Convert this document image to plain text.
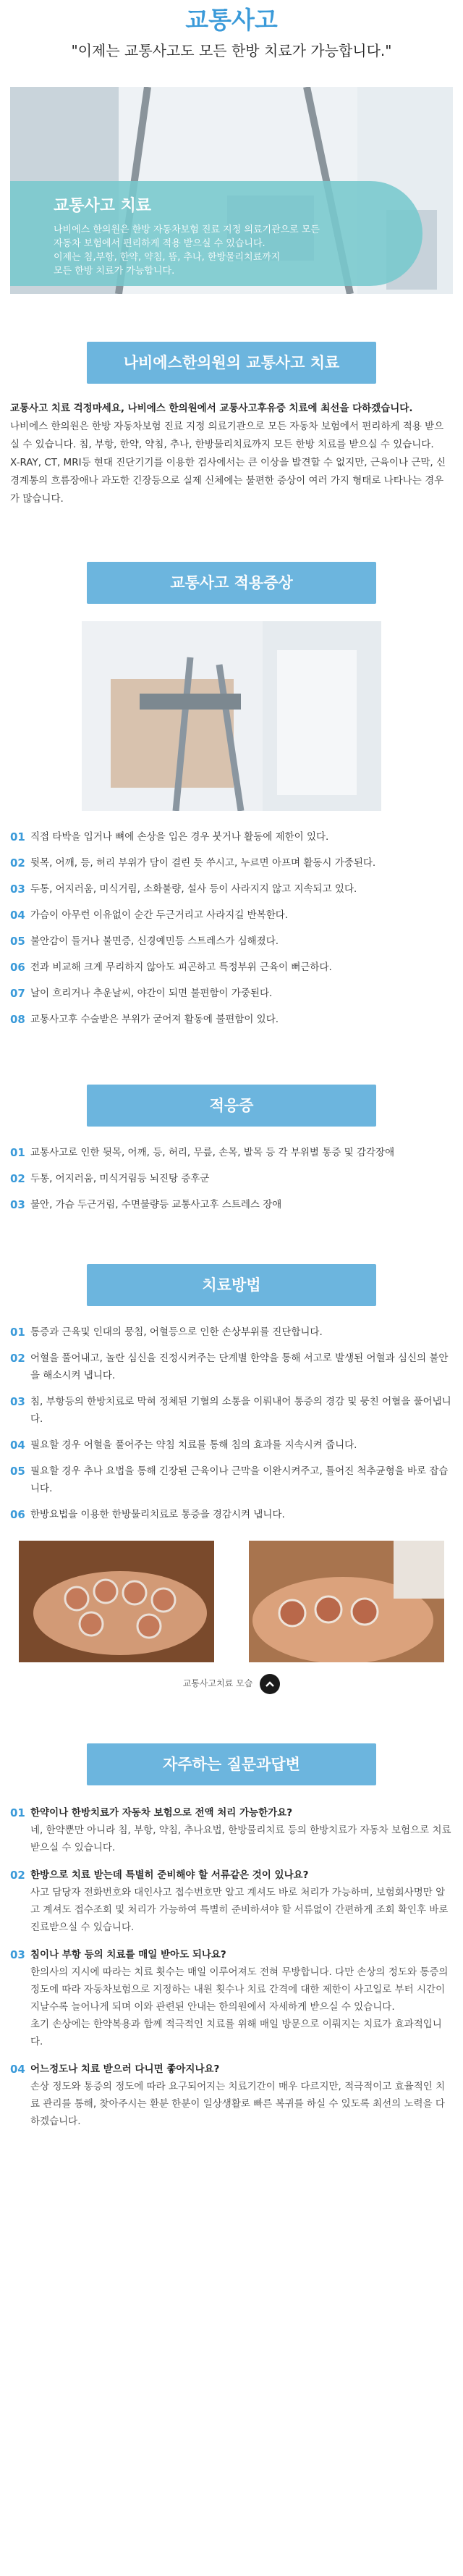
교통사고
"이제는 교통사고도 모든 한방 치료가 가능합니다."
교통사고 치료
나비에스 한의원은 한방 자동차보험 진료 지정 의료기관으로 모든
자동차 보험에서 편리하게 적용 받으실 수 있습니다.
이제는 침,부항, 한약, 약침, 뜸, 추나, 한방물리치료까지
모든 한방 치료가 가능합니다.
나비에스한의원의 교통사고 치료

교통사고 치료 걱정마세요, 나비에스 한의원에서 교통사고후유증 치료에 최선을 다하겠습니다.

나비에스 한의원은 한방 자동차보험 진료 지정 의료기관으로 모든 자동차 보험에서 편리하게 적용 받으실 수 있습니다. 침, 부항, 한약, 약침, 추나, 한방물리치료까지 모든 한방 치료를 받으실 수 있습니다.

X-RAY, CT, MRI등 현대 진단기기를 이용한 검사에서는 큰 이상을 발견할 수 없지만, 근육이나 근막, 신경계통의 흐름장애나 과도한 긴장등으로 실제 신체에는 불편한 증상이 여러 가지 형태로 나타나는 경우가 많습니다.

교통사고 적용증상
01 직접 타박을 입거나 뼈에 손상을 입은 경우 붓거나 활동에 제한이 있다.
02 뒷목, 어깨, 등, 허리 부위가 담이 결린 듯 쑤시고, 누르면 아프며 활동시 가중된다.
03 두통, 어지러움, 미식거림, 소화불량, 설사 등이 사라지지 않고 지속되고 있다.
04 가슴이 아무런 이유없이 순간 두근거리고 사라지길 반복한다.
05 불안감이 들거나 불면증, 신경예민등 스트레스가 심해졌다.
06 전과 비교해 크게 무리하지 않아도 피곤하고 특정부위 근육이 뻐근하다.
07 날이 흐리거나 추운날씨, 야간이 되면 불편함이 가중된다.
08 교통사고후 수술받은 부위가 굳어져 활동에 불편함이 있다.
적응증
01 교통사고로 인한 뒷목, 어깨, 등, 허리, 무릎, 손목, 발목 등 각 부위별 통증 및 감각장애
02 두통, 어지러움, 미식거림등 뇌진탕 증후군
03 불안, 가슴 두근거림, 수면불량등 교통사고후 스트레스 장애
치료방법
01 통증과 근육및 인대의 뭉침, 어혈등으로 인한 손상부위를 진단합니다.
02 어혈을 풀어내고, 놀란 심신을 진정시켜주는 단계별 한약을 통해 서고로 발생된 어혈과 심신의 불안을 해소시켜 냅니다.
03 침, 부항등의 한방치료로 막혀 정체된 기혈의 소통을 이뤄내어 통증의 경감 및 뭉친 어혈을 풀어냅니다.
04 필요할 경우 어혈을 풀어주는 약침 치료를 통해 침의 효과를 지속시켜 줍니다.
05 필요할 경우 추나 요법을 통해 긴장된 근육이나 근막을 이완시켜주고, 틀어진 척추균형을 바로 잡습니다.
06 한방요법을 이용한 한방물리치료로 통증을 경감시켜 냅니다.
교통사고치료 모습
자주하는 질문과답변
01 한약이나 한방치료가 자동차 보험으로 전액 처리 가능한가요?
네, 한약뿐만 아니라 침, 부항, 약침, 추나요법, 한방물리치료 등의 한방치료가 자동차 보험으로 치료 받으실 수 있습니다.
02 한방으로 치료 받는데 특별히 준비해야 할 서류같은 것이 있나요?
사고 담당자 전화번호와 대인사고 접수번호만 알고 계셔도 바로 처리가 가능하며, 보험회사명만 알고 계셔도 접수조회 및 처리가 가능하여 특별히 준비하셔야 할 서류없이 간편하게 조회 확인후 바로 진료받으실 수 있습니다.
03 침이나 부항 등의 치료를 매일 받아도 되나요?
한의사의 지시에 따라는 치료 횟수는 매일 이루어져도 전혀 무방합니다. 다만 손상의 정도와 통증의 정도에 따라 자동차보험으로 지정하는 내원 횟수나 치료 간격에 대한 제한이 사고일로 부터 시간이 지날수록 늘어나게 되며 이와 관련된 안내는 한의원에서 자세하게 받으실 수 있습니다.
초기 손상에는 한약복용과 함께 적극적인 치료를 위해 매일 방문으로 이뤄지는 치료가 효과적입니다.
04 어느정도나 치료 받으러 다니면 좋아지나요?
손상 정도와 통증의 정도에 따라 요구되어지는 치료기간이 매우 다르지만, 적극적이고 효율적인 치료 관리를 통해, 찾아주시는 환분 한분이 일상생활로 빠른 복귀를 하실 수 있도록 최선의 노력을 다하겠습니다.
